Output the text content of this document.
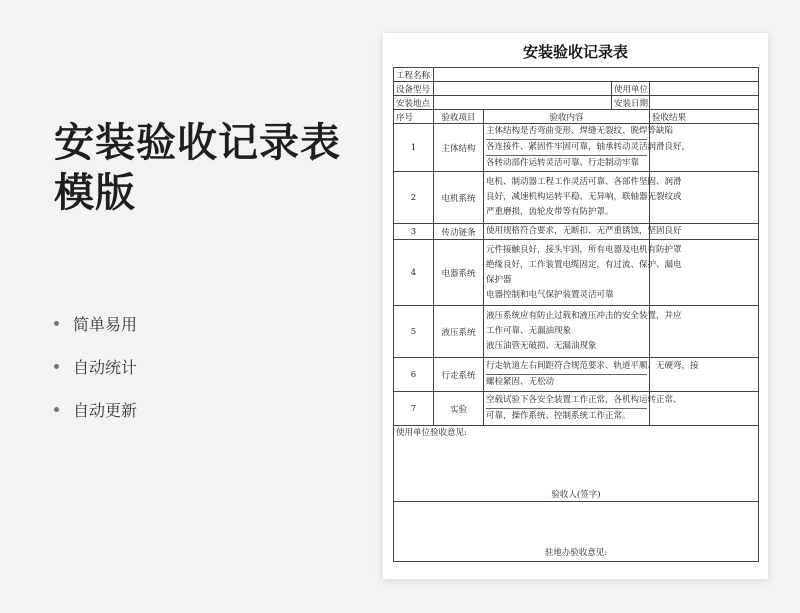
安装验收记录表
模版
简单易用
自动统计
自动更新
安装验收记录表
工程名称				
设备型号			使用单位	
安装地点			安装日期	
序号	验收项目	验收内容		验收结果
1	主体结构	主体结构是否弯曲变形、焊缝无裂纹、脱焊等缺陷
各连接件、紧固件牢固可靠，轴承转动灵活润滑良好，
各转动部件运转灵活可靠、行走制动牢靠		

2	电机系统	电机、制动器工程工作灵活可靠、各部件坚固、润滑
良好，减速机构运转平稳、无异响，联轴器无裂纹或
严重磨损，齿轮皮带等有防护罩。		

3	传动链条	使用规格符合要求，无断扣、无严重锈蚀，坚固良好		

4	电器系统	元件接触良好，接头牢固，所有电器及电机有防护罩
绝缘良好，工作装置电缆固定，有过流、保护、漏电
保护器
电器控制和电气保护装置灵活可靠		

5	液压系统	液压系统应有防止过载和液压冲击的安全装置，并应
工作可靠、无漏油现象
液压油管无破损、无漏油现象		

6	行走系统	行走轨道左右间距符合规范要求、轨道平顺、无硬弯，接
螺栓紧固、无松动		

7	实验	空载试验下各安全装置工作正常，各机构运转正常、
可靠，操作系统、控制系统工作正常。		

使用单位验收意见:
验收人(签字)				

驻地办验收意见:				
